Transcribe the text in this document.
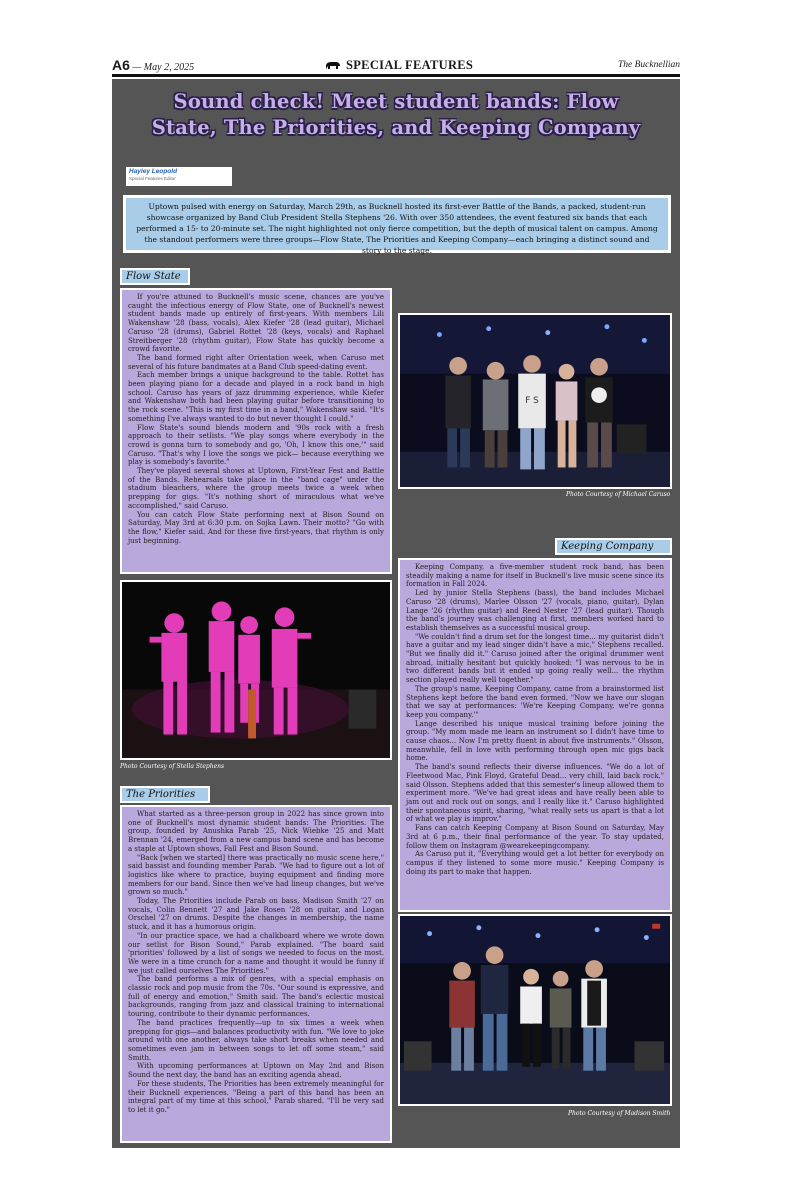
A6 — May 2, 2025	SPECIAL FEATURES	The Bucknellian
Sound check! Meet student bands: Flow
State, The Priorities, and Keeping Company
Hayley Leopold
Special Features Editor
Uptown pulsed with energy on Saturday, March 29th, as Bucknell hosted its first-ever Battle of the Bands, a packed, student-run showcase organized by Band Club President Stella Stephens '26. With over 350 attendees, the event featured six bands that each performed a 15- to 20-minute set. The night highlighted not only fierce competition, but the depth of musical talent on campus. Among the standout performers were three groups—Flow State, The Priorities and Keeping Company—each bringing a distinct sound and story to the stage.
Flow State

If you're attuned to Bucknell's music scene, chances are you've caught the infectious energy of Flow State, one of Bucknell's newest student bands made up entirely of first-years. With members Lili Wakenshaw '28 (bass, vocals), Alex Kiefer '28 (lead guitar), Michael Caruso '28 (drums), Gabriel Rottet '28 (keys, vocals) and Raphael Streitberger '28 (rhythm guitar), Flow State has quickly become a crowd favorite.

The band formed right after Orientation week, when Caruso met several of his future bandmates at a Band Club speed-dating event.

Each member brings a unique background to the table. Rottet has been playing piano for a decade and played in a rock band in high school. Caruso has years of jazz drumming experience, while Kiefer and Wakenshaw both had been playing guitar before transitioning to the rock scene. "This is my first time in a band," Wakenshaw said. "It's something I've always wanted to do but never thought I could."

Flow State's sound blends modern and '90s rock with a fresh approach to their setlists. "We play songs where everybody in the crowd is gonna turn to somebody and go, 'Oh, I know this one,'" said Caruso. "That's why I love the songs we pick— because everything we play is somebody's favorite."

They've played several shows at Uptown, First-Year Fest and Battle of the Bands. Rehearsals take place in the "band cage" under the stadium bleachers, where the group meets twice a week when prepping for gigs. "It's nothing short of miraculous what we've accomplished," said Caruso.

You can catch Flow State performing next at Bison Sound on Saturday, May 3rd at 6:30 p.m. on Sojka Lawn. Their motto? "Go with the flow," Kiefer said. And for these five first-years, that rhythm is only just beginning.

F S
Photo Courtesy of Michael Caruso
Keeping Company
Photo Courtesy of Stella Stephens

Keeping Company, a five-member student rock band, has been steadily making a name for itself in Bucknell's live music scene since its formation in Fall 2024.

Led by junior Stella Stephens (bass), the band includes Michael Caruso '28 (drums), Marlee Olsson '27 (vocals, piano, guitar), Dylan Lange '26 (rhythm guitar) and Reed Nester '27 (lead guitar). Though the band's journey was challenging at first, members worked hard to establish themselves as a successful musical group.

"We couldn't find a drum set for the longest time... my guitarist didn't have a guitar and my lead singer didn't have a mic," Stephens recalled. "But we finally did it." Caruso joined after the original drummer went abroad, initially hesitant but quickly hooked: "I was nervous to be in two different bands but it ended up going really well... the rhythm section played really well together."

The group's name, Keeping Company, came from a brainstormed list Stephens kept before the band even formed. "Now we have our slogan that we say at performances: 'We're Keeping Company, we're gonna keep you company.'"

Lange described his unique musical training before joining the group. "My mom made me learn an instrument so I didn't have time to cause chaos... Now I'm pretty fluent in about five instruments." Olsson, meanwhile, fell in love with performing through open mic gigs back home.

The band's sound reflects their diverse influences. "We do a lot of Fleetwood Mac, Pink Floyd, Grateful Dead... very chill, laid back rock," said Olsson. Stephens added that this semester's lineup allowed them to experiment more. "We've had great ideas and have really been able to jam out and rock out on songs, and I really like it." Caruso highlighted their spontaneous spirit, sharing, "what really sets us apart is that a lot of what we play is improv."

Fans can catch Keeping Company at Bison Sound on Saturday, May 3rd at 6 p.m., their final performance of the year. To stay updated, follow them on Instagram @wearekeepingcompany.

As Caruso put it, "Everything would get a lot better for everybody on campus if they listened to some more music." Keeping Company is doing its part to make that happen.

The Priorities

What started as a three-person group in 2022 has since grown into one of Bucknell's most dynamic student bands: The Priorities. The group, founded by Anushka Parab '25, Nick Wiebke '25 and Matt Brennan '24, emerged from a new campus band scene and has become a staple at Uptown shows, Fall Fest and Bison Sound.

"Back [when we started] there was practically no music scene here," said bassist and founding member Parab. "We had to figure out a lot of logistics like where to practice, buying equipment and finding more members for our band. Since then we've had lineup changes, but we've grown so much."

Today, The Priorities include Parab on bass, Madison Smith '27 on vocals, Colin Bennett '27 and Jake Rosen '28 on guitar, and Logan Orschel '27 on drums. Despite the changes in membership, the name stuck, and it has a humorous origin.

"In our practice space, we had a chalkboard where we wrote down our setlist for Bison Sound," Parab explained. "The board said 'priorities' followed by a list of songs we needed to focus on the most. We were in a time crunch for a name and thought it would be funny if we just called ourselves The Priorities."

The band performs a mix of genres, with a special emphasis on classic rock and pop music from the 70s. "Our sound is expressive, and full of energy and emotion," Smith said. The band's eclectic musical backgrounds, ranging from jazz and classical training to international touring, contribute to their dynamic performances.

The band practices frequently—up to six times a week when prepping for gigs—and balances productivity with fun. "We love to joke around with one another, always take short breaks when needed and sometimes even jam in between songs to let off some steam," said Smith.

With upcoming performances at Uptown on May 2nd and Bison Sound the next day, the band has an exciting agenda ahead.

For these students, The Priorities has been extremely meaningful for their Bucknell experiences. "Being a part of this band has been an integral part of my time at this school," Parab shared. "I'll be very sad to let it go."	Photo Courtesy of Madison Smith
